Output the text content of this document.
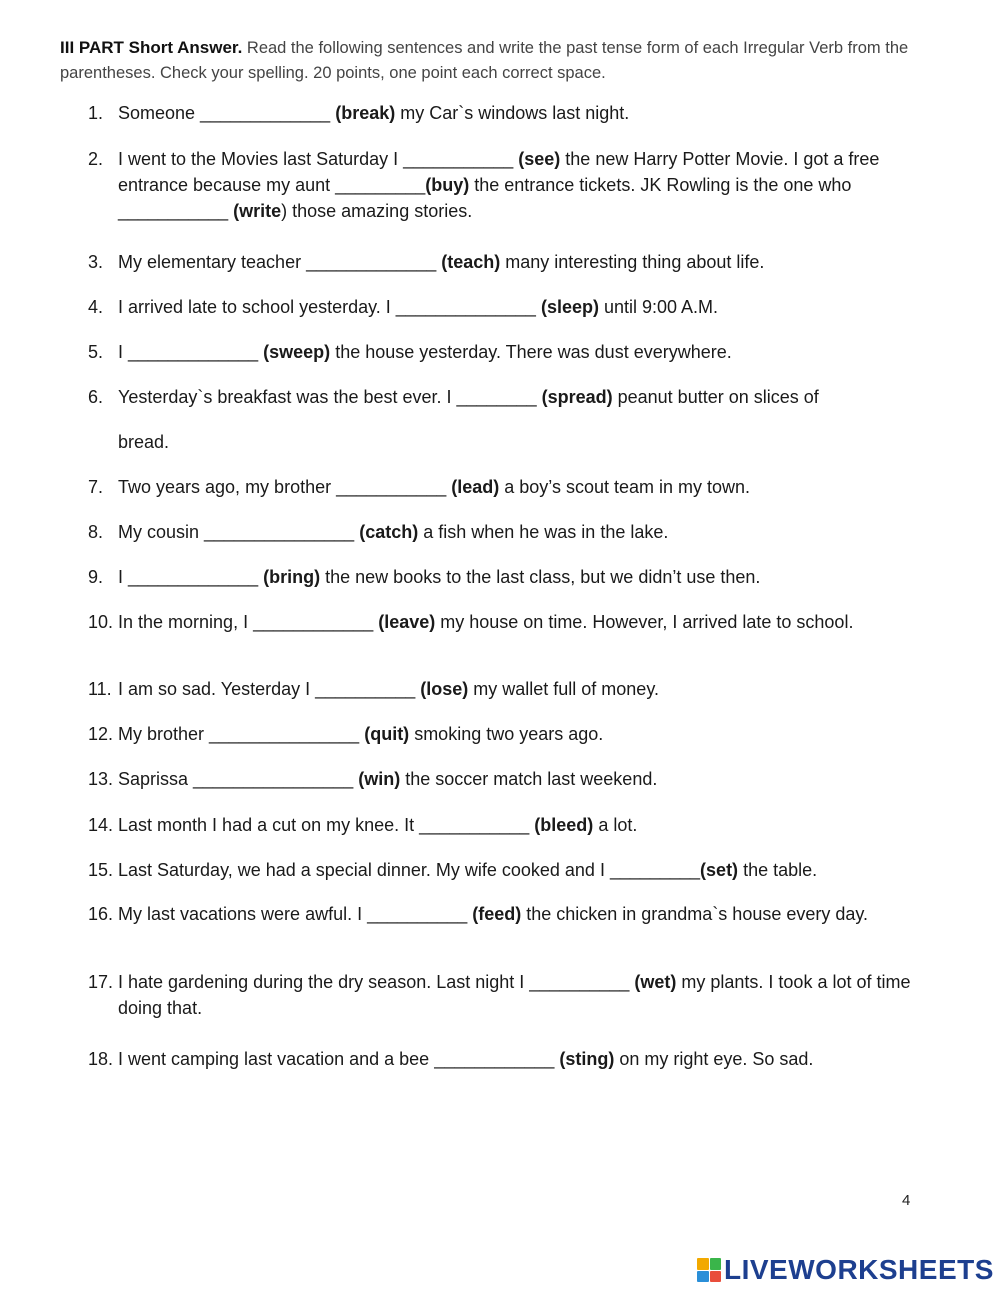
III PART Short Answer. Read the following sentences and write the past tense form of each Irregular Verb from the parentheses. Check your spelling. 20 points, one point each correct space.
1. Someone _____________ (break) my Car`s windows last night.
2. I went to the Movies last Saturday I ___________ (see) the new Harry Potter Movie. I got a free entrance because my aunt _________(buy) the entrance tickets. JK Rowling is the one who ___________ (write) those amazing stories.
3. My elementary teacher _____________ (teach) many interesting thing about life.
4. I arrived late to school yesterday. I ______________ (sleep) until 9:00 A.M.
5. I _____________ (sweep) the house yesterday. There was dust everywhere.
6. Yesterday`s breakfast was the best ever. I ________ (spread) peanut butter on slices of
bread.
7. Two years ago, my brother ___________ (lead) a boy’s scout team in my town.
8. My cousin _______________ (catch) a fish when he was in the lake.
9. I _____________ (bring) the new books to the last class, but we didn’t use then.
10. In the morning, I ____________ (leave) my house on time. However, I arrived late to school.
11. I am so sad. Yesterday I __________ (lose) my wallet full of money.
12. My brother _______________ (quit) smoking two years ago.
13. Saprissa ________________ (win) the soccer match last weekend.
14. Last month I had a cut on my knee. It ___________ (bleed) a lot.
15. Last Saturday, we had a special dinner. My wife cooked and I _________(set) the table.
16. My last vacations were awful. I __________ (feed) the chicken in grandma`s house every day.
17. I hate gardening during the dry season. Last night I __________ (wet) my plants. I took a lot of time doing that.
18. I went camping last vacation and a bee ____________ (sting) on my right eye. So sad.
4
LIVEWORKSHEETS
